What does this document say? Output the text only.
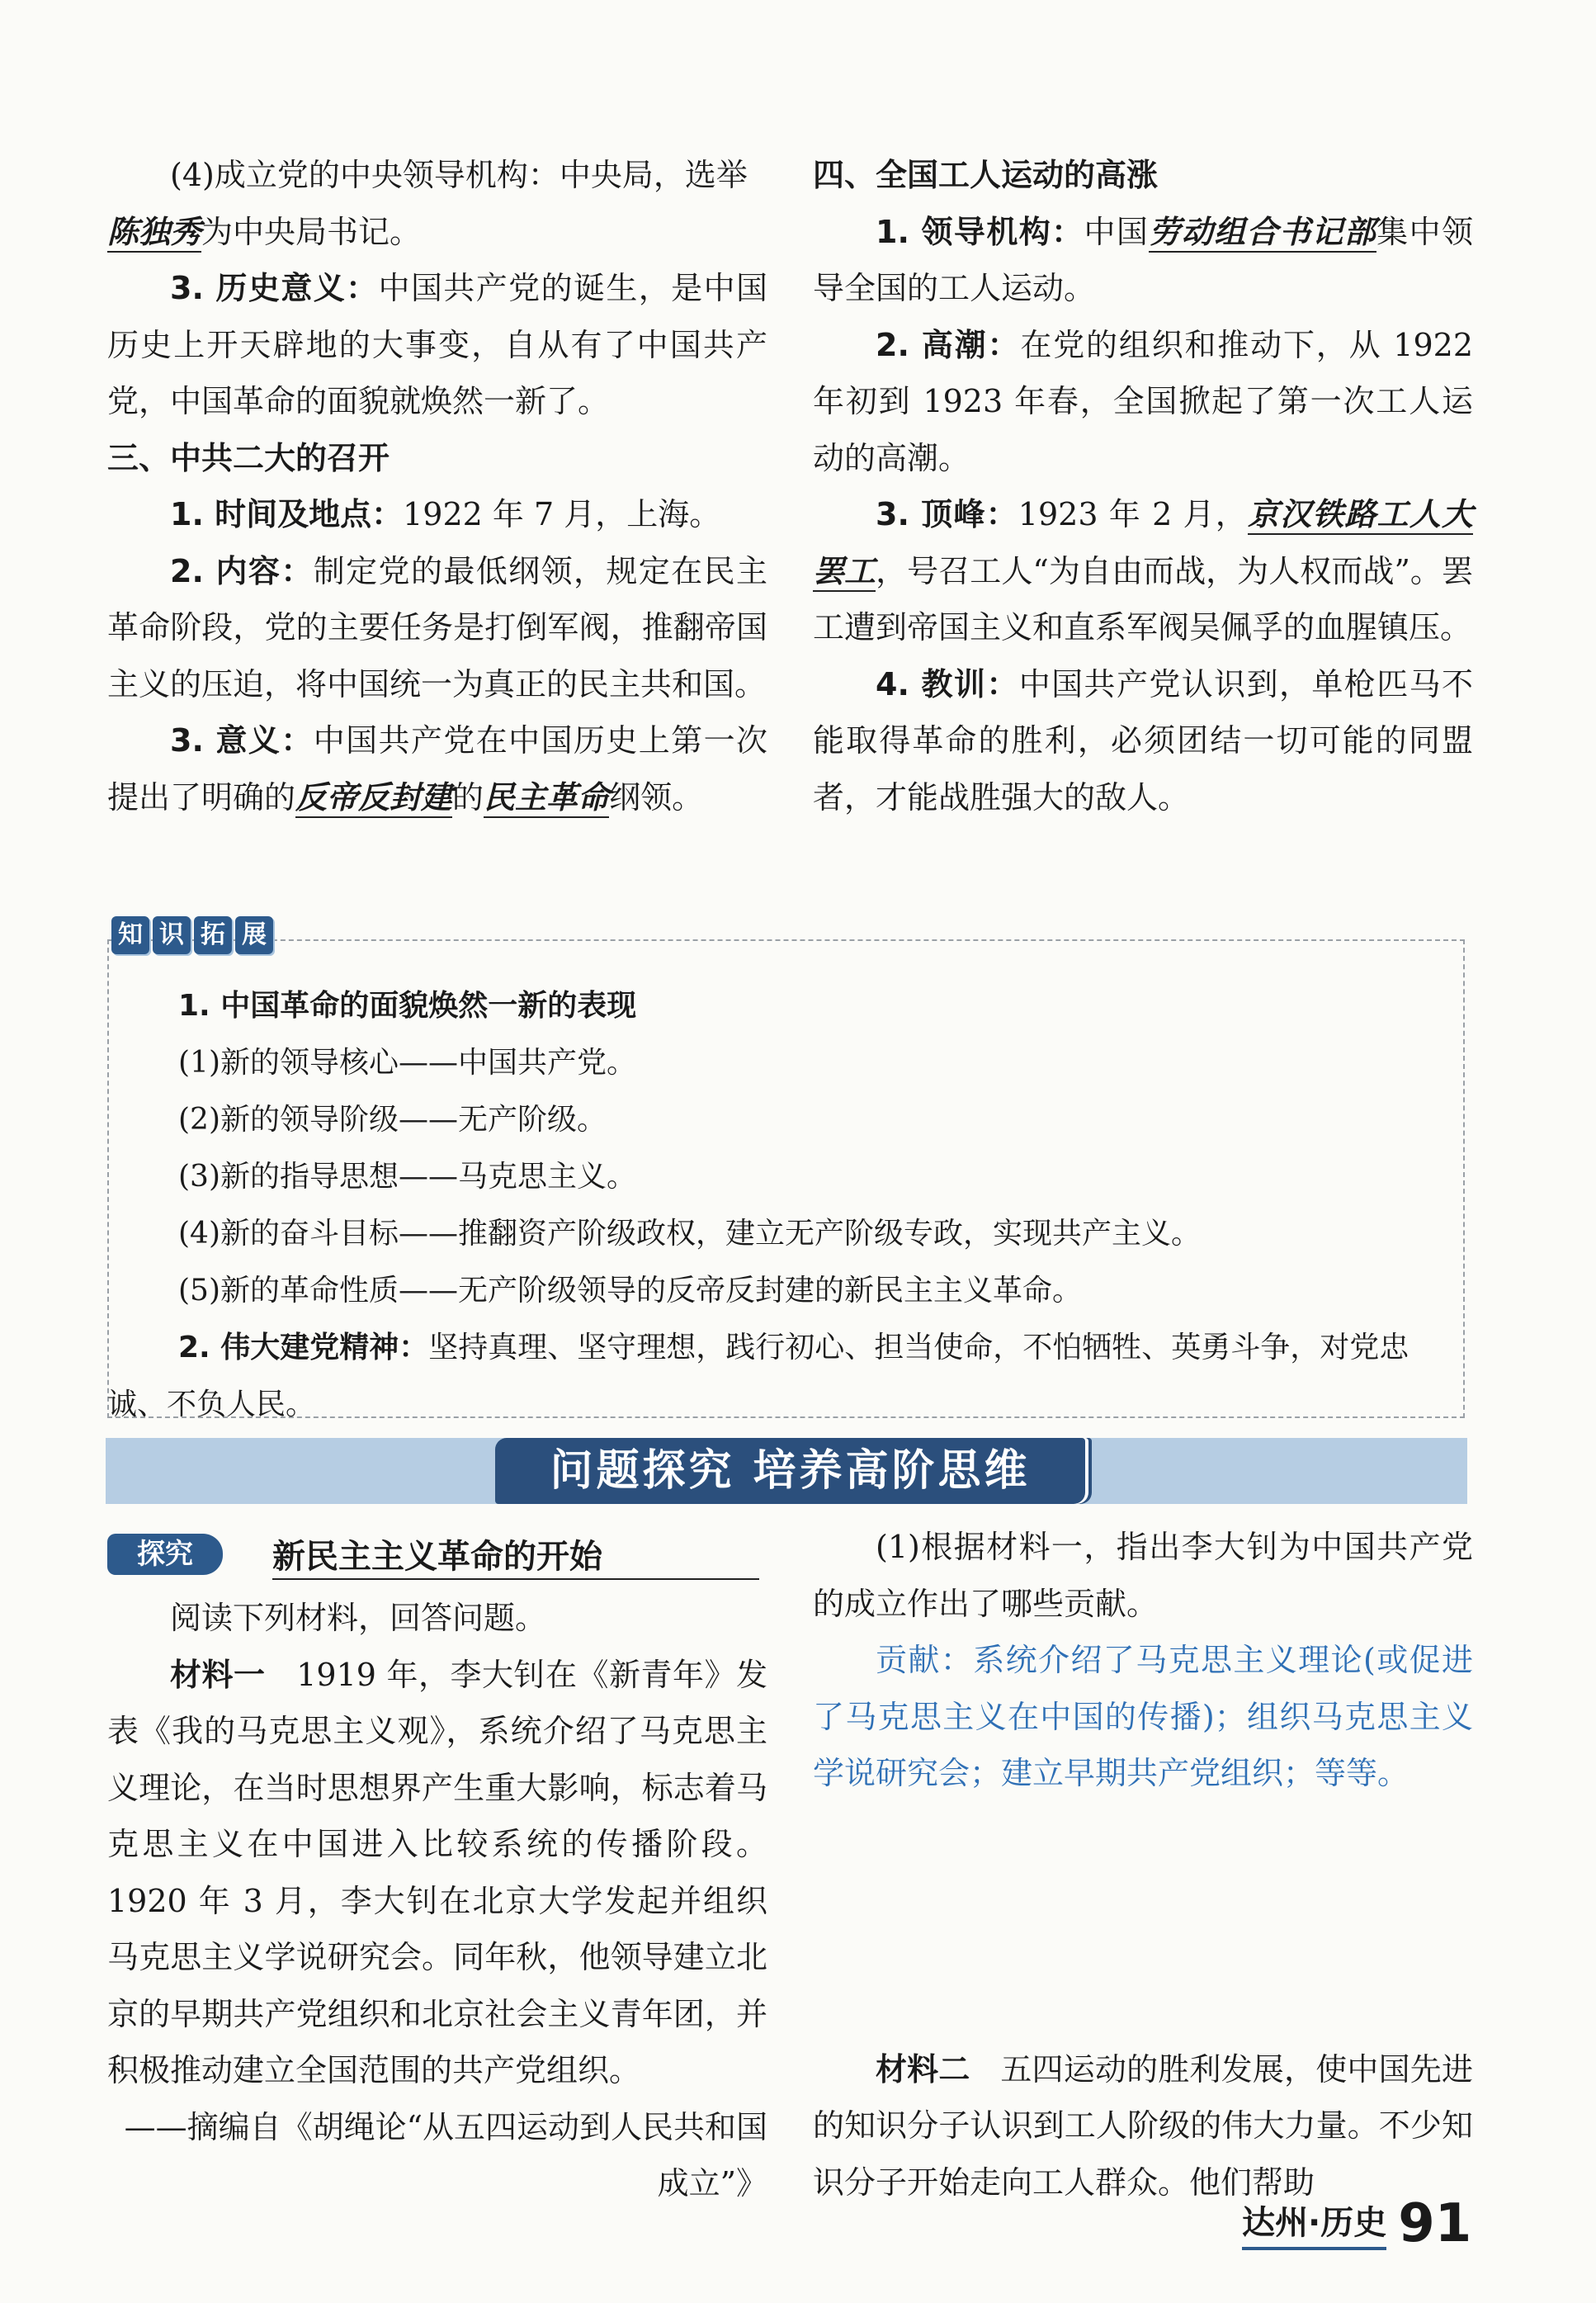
(4)成立党的中央领导机构：中央局，选举

陈独秀为中央局书记。

3. 历史意义：中国共产党的诞生，是中国历史上开天辟地的大事变，自从有了中国共产党，中国革命的面貌就焕然一新了。

三、中共二大的召开

1. 时间及地点：1922 年 7 月，上海。

2. 内容：制定党的最低纲领，规定在民主革命阶段，党的主要任务是打倒军阀，推翻帝国主义的压迫，将中国统一为真正的民主共和国。

3. 意义：中国共产党在中国历史上第一次提出了明确的反帝反封建的民主革命纲领。

四、全国工人运动的高涨

1. 领导机构：中国劳动组合书记部集中领导全国的工人运动。

2. 高潮：在党的组织和推动下，从 1922 年初到 1923 年春，全国掀起了第一次工人运动的高潮。

3. 顶峰：1923 年 2 月，京汉铁路工人大罢工，号召工人“为自由而战，为人权而战”。罢工遭到帝国主义和直系军阀吴佩孚的血腥镇压。

4. 教训：中国共产党认识到，单枪匹马不能取得革命的胜利，必须团结一切可能的同盟者，才能战胜强大的敌人。

知 识 拓 展

1. 中国革命的面貌焕然一新的表现

(1)新的领导核心——中国共产党。

(2)新的领导阶级——无产阶级。

(3)新的指导思想——马克思主义。

(4)新的奋斗目标——推翻资产阶级政权，建立无产阶级专政，实现共产主义。

(5)新的革命性质——无产阶级领导的反帝反封建的新民主主义革命。

2. 伟大建党精神：坚持真理、坚守理想，践行初心、担当使命，不怕牺牲、英勇斗争，对党忠诚、不负人民。

问题探究 培养高阶思维
探究	新民主主义革命的开始

阅读下列材料，回答问题。

材料一 1919 年，李大钊在《新青年》发表《我的马克思主义观》，系统介绍了马克思主义理论，在当时思想界产生重大影响，标志着马克思主义在中国进入比较系统的传播阶段。1920 年 3 月，李大钊在北京大学发起并组织马克思主义学说研究会。同年秋，他领导建立北京的早期共产党组织和北京社会主义青年团，并积极推动建立全国范围的共产党组织。

——摘编自《胡绳论“从五四运动到人民共和国成立”》

(1)根据材料一，指出李大钊为中国共产党的成立作出了哪些贡献。

贡献：系统介绍了马克思主义理论(或促进了马克思主义在中国的传播)；组织马克思主义学说研究会；建立早期共产党组织；等等。

材料二 五四运动的胜利发展，使中国先进的知识分子认识到工人阶级的伟大力量。不少知识分子开始走向工人群众。他们帮助

达州·历史 91
